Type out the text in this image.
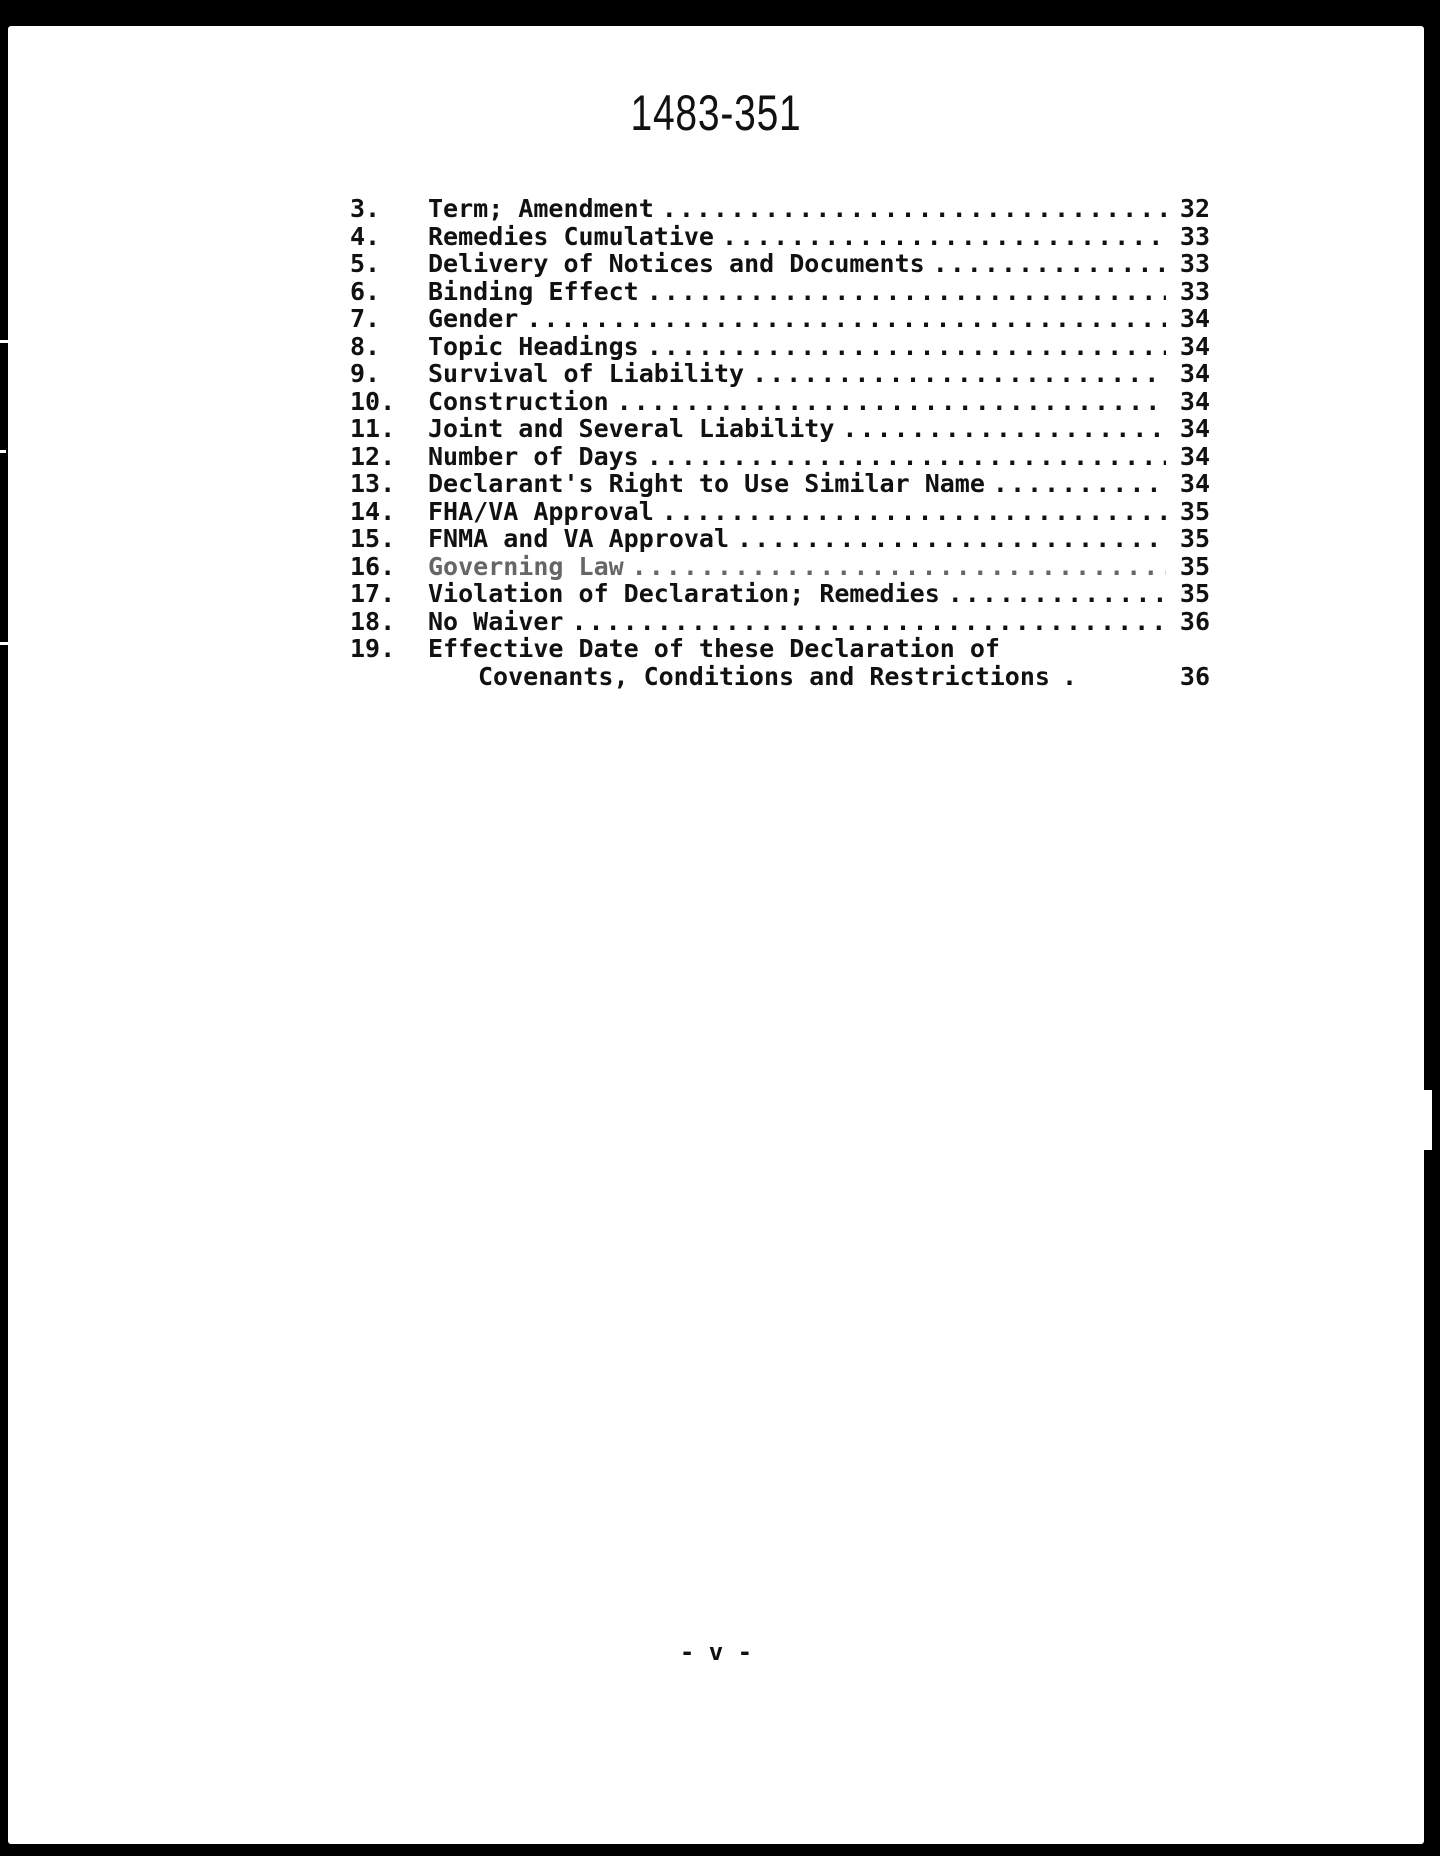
1483-351
3.	Term; Amendment .....	32
4.	Remedies Cumulative .....	33
5.	Delivery of Notices and Documents .....	33
6.	Binding Effect .....	33
7.	Gender .....	34
8.	Topic Headings .....	34
9.	Survival of Liability .....	34
10.	Construction .....	34
11.	Joint and Several Liability .....	34
12.	Number of Days .....	34
13.	Declarant's Right to Use Similar Name .....	34
14.	FHA/VA Approval .....	35
15.	FNMA and VA Approval .....	35
16.	Governing Law .....	35
17.	Violation of Declaration; Remedies .....	35
18.	No Waiver .....	36
19.	Effective Date of these Declaration of
Covenants, Conditions and Restrictions .	36
- v -
